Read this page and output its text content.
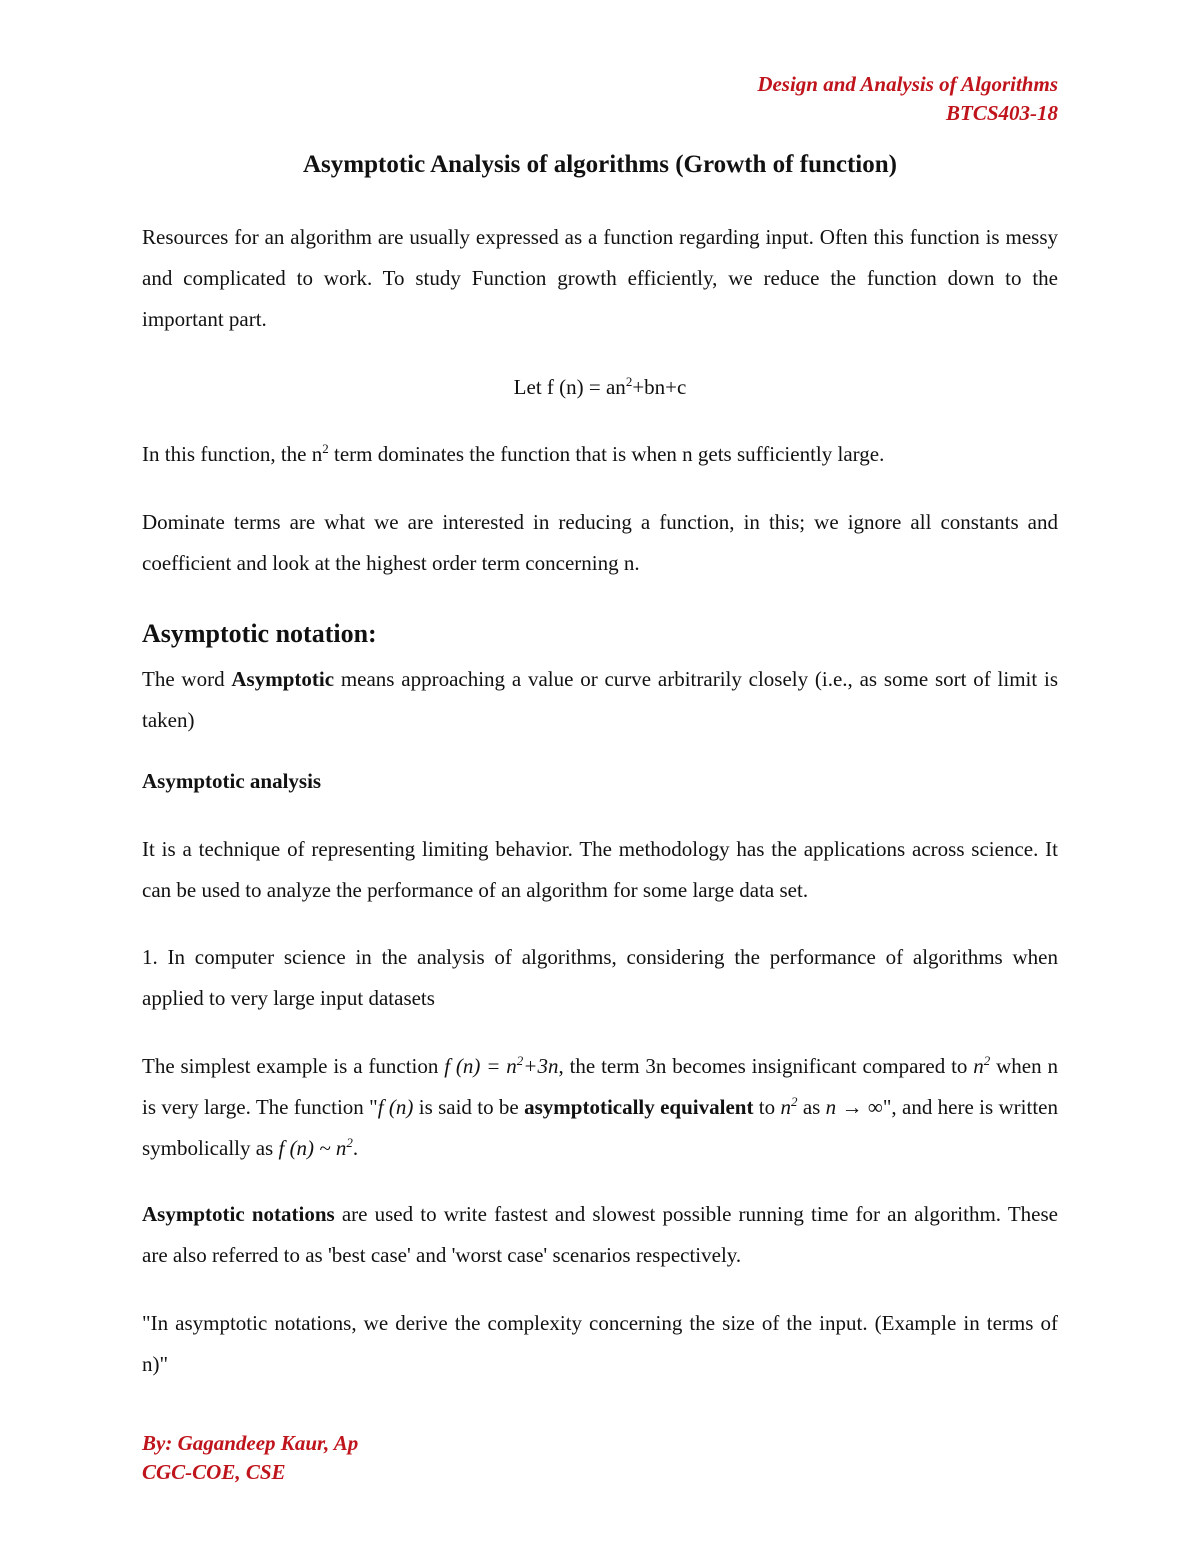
Design and Analysis of Algorithms
BTCS403-18
Asymptotic Analysis of algorithms (Growth of function)

Resources for an algorithm are usually expressed as a function regarding input. Often this function is messy and complicated to work. To study Function growth efficiently, we reduce the function down to the important part.

Let f $(n) = an^2+bn+c$

In this function, the $n^2$ term dominates the function that is when n gets sufficiently large.

Dominate terms are what we are interested in reducing a function, in this; we ignore all constants and coefficient and look at the highest order term concerning n.

Asymptotic notation:

The word Asymptotic means approaching a value or curve arbitrarily closely (i.e., as some sort of limit is taken)

Asymptotic analysis

It is a technique of representing limiting behavior. The methodology has the applications across science. It can be used to analyze the performance of an algorithm for some large data set.

1. In computer science in the analysis of algorithms, considering the performance of algorithms when applied to very large input datasets

The simplest example is a function f $(n) = n^2+3n$, the term 3n becomes insignificant compared to $n^2$ when n is very large. The function "f (n) is said to be asymptotically equivalent to $n^2$ as n → ∞", and here is written symbolically as f (n) ~ $n^2$.

Asymptotic notations are used to write fastest and slowest possible running time for an algorithm. These are also referred to as 'best case' and 'worst case' scenarios respectively.

"In asymptotic notations, we derive the complexity concerning the size of the input. (Example in terms of n)"

By: Gagandeep Kaur, Ap
CGC-COE, CSE
